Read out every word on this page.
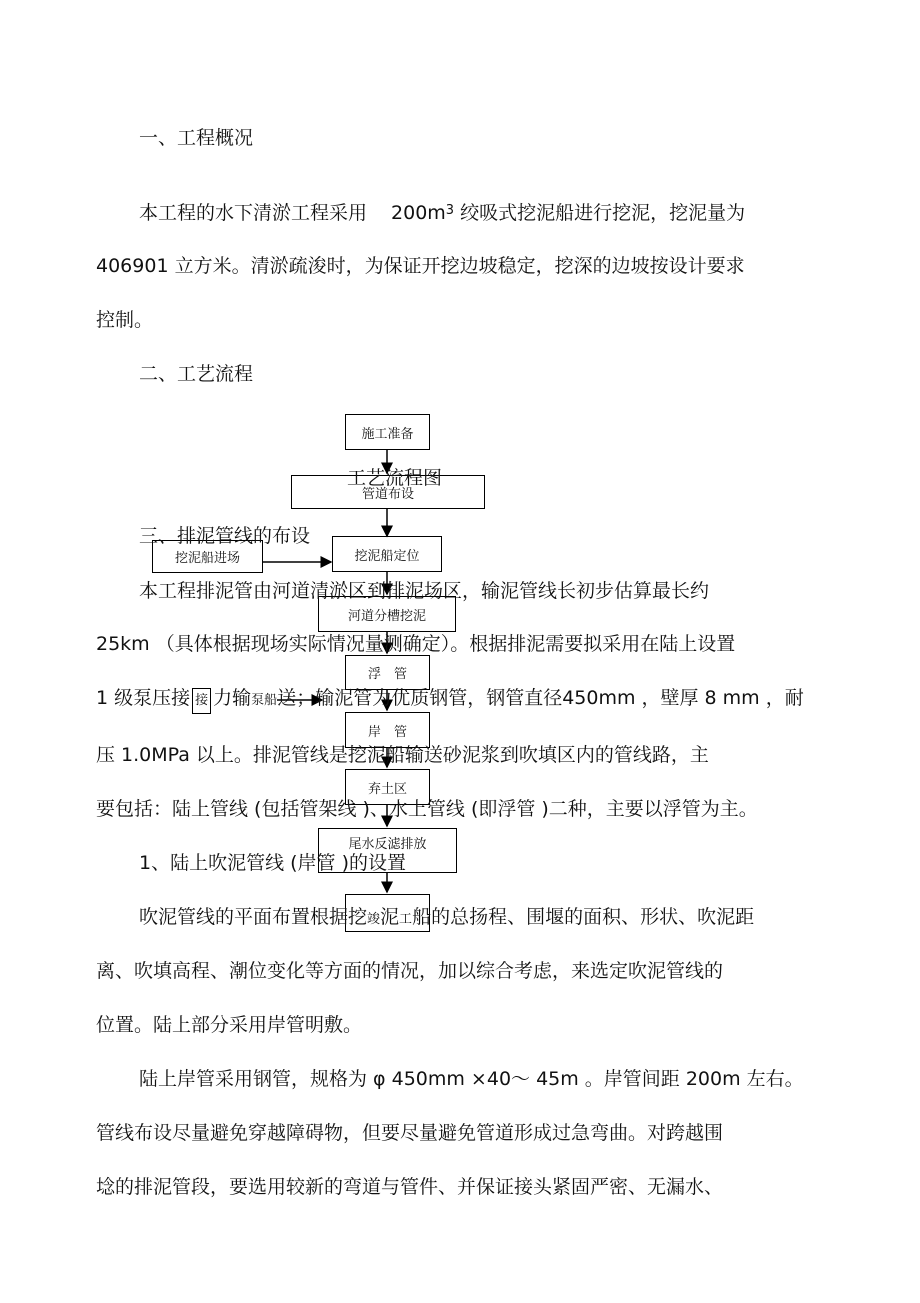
施工准备
管道布设
挖泥船进场	挖泥船定位
河道分槽挖泥
浮　管
岸　管
弃土区
尾水反滤排放
一、工程概况
本工程的水下清淤工程采用 $200m^3$ 绞吸式挖泥船进行挖泥，挖泥量为
406901 立方米。清淤疏浚时，为保证开挖边坡稳定，挖深的边坡按设计要求
控制。
二、工艺流程
工艺流程图
三、排泥管线的布设
本工程排泥管由河道清淤区到排泥场区，输泥管线长初步估算最长约
25km （具体根据现场实际情况量测确定）。根据排泥需要拟采用在陆上设置
1 级泵压接 接 力输泵船送；输泥管为优质钢管，钢管直径450mm ，壁厚 8 mm ，耐
压 1.0MPa 以上。排泥管线是挖泥船输送砂泥浆到吹填区内的管线路，主
要包括：陆上管线 (包括管架线 )、水上管线 (即浮管 )二种，主要以浮管为主。
1、陆上吹泥管线 (岸管 )的设置
吹泥管线的平面布置根据挖竣泥工船的总扬程、围堰的面积、形状、吹泥距
离、吹填高程、潮位变化等方面的情况，加以综合考虑，来选定吹泥管线的
位置。陆上部分采用岸管明敷。
陆上岸管采用钢管，规格为 φ 450mm ×40～ 45m 。岸管间距 200m 左右。
管线布设尽量避免穿越障碍物，但要尽量避免管道形成过急弯曲。对跨越围
埝的排泥管段，要选用较新的弯道与管件、并保证接头紧固严密、无漏水、
